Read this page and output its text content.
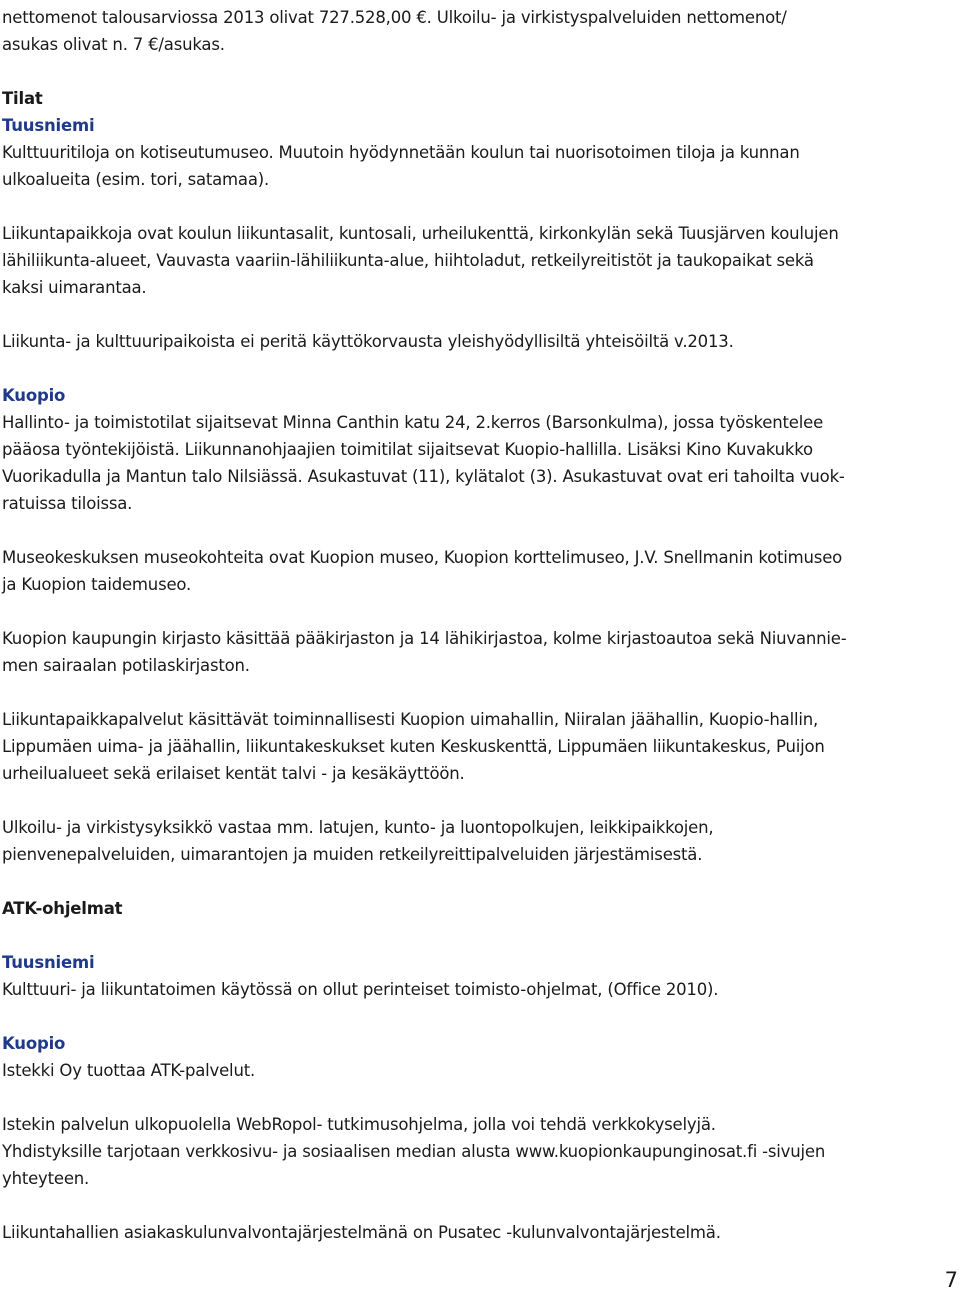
nettomenot talousarviossa 2013 olivat 727.528,00 €. Ulkoilu- ja virkistyspalveluiden nettomenot/
asukas olivat n. 7 €/asukas.
Tilat
Tuusniemi
Kulttuuritiloja on kotiseutumuseo. Muutoin hyödynnetään koulun tai nuorisotoimen tiloja ja kunnan
ulkoalueita (esim. tori, satamaa).
Liikuntapaikkoja ovat koulun liikuntasalit, kuntosali, urheilukenttä, kirkonkylän sekä Tuusjärven koulujen
lähiliikunta-alueet, Vauvasta vaariin-lähiliikunta-alue, hiihtoladut, retkeilyreitistöt ja taukopaikat sekä
kaksi uimarantaa.
Liikunta- ja kulttuuripaikoista ei peritä käyttökorvausta yleishyödyllisiltä yhteisöiltä v.2013.
Kuopio
Hallinto- ja toimistotilat sijaitsevat Minna Canthin katu 24, 2.kerros (Barsonkulma), jossa työskentelee
pääosa työntekijöistä. Liikunnanohjaajien toimitilat sijaitsevat Kuopio-hallilla. Lisäksi Kino Kuvakukko
Vuorikadulla ja Mantun talo Nilsiässä. Asukastuvat (11), kylätalot (3). Asukastuvat ovat eri tahoilta vuok-
ratuissa tiloissa.
Museokeskuksen museokohteita ovat Kuopion museo, Kuopion korttelimuseo, J.V. Snellmanin kotimuseo
ja Kuopion taidemuseo.
Kuopion kaupungin kirjasto käsittää pääkirjaston ja 14 lähikirjastoa, kolme kirjastoautoa sekä Niuvannie-
men sairaalan potilaskirjaston.
Liikuntapaikkapalvelut käsittävät toiminnallisesti Kuopion uimahallin, Niiralan jäähallin, Kuopio-hallin,
Lippumäen uima- ja jäähallin, liikuntakeskukset kuten Keskuskenttä, Lippumäen liikuntakeskus, Puijon
urheilualueet sekä erilaiset kentät talvi - ja kesäkäyttöön.
Ulkoilu- ja virkistysyksikkö vastaa mm. latujen, kunto- ja luontopolkujen, leikkipaikkojen,
pienvenepalveluiden, uimarantojen ja muiden retkeilyreittipalveluiden järjestämisestä.
ATK-ohjelmat
Tuusniemi
Kulttuuri- ja liikuntatoimen käytössä on ollut perinteiset toimisto-ohjelmat, (Office 2010).
Kuopio
Istekki Oy tuottaa ATK-palvelut.
Istekin palvelun ulkopuolella WebRopol- tutkimusohjelma, jolla voi tehdä verkkokyselyjä.
Yhdistyksille tarjotaan verkkosivu- ja sosiaalisen median alusta www.kuopionkaupunginosat.fi -sivujen
yhteyteen.
Liikuntahallien asiakaskulunvalvontajärjestelmänä on Pusatec -kulunvalvontajärjestelmä.
7
